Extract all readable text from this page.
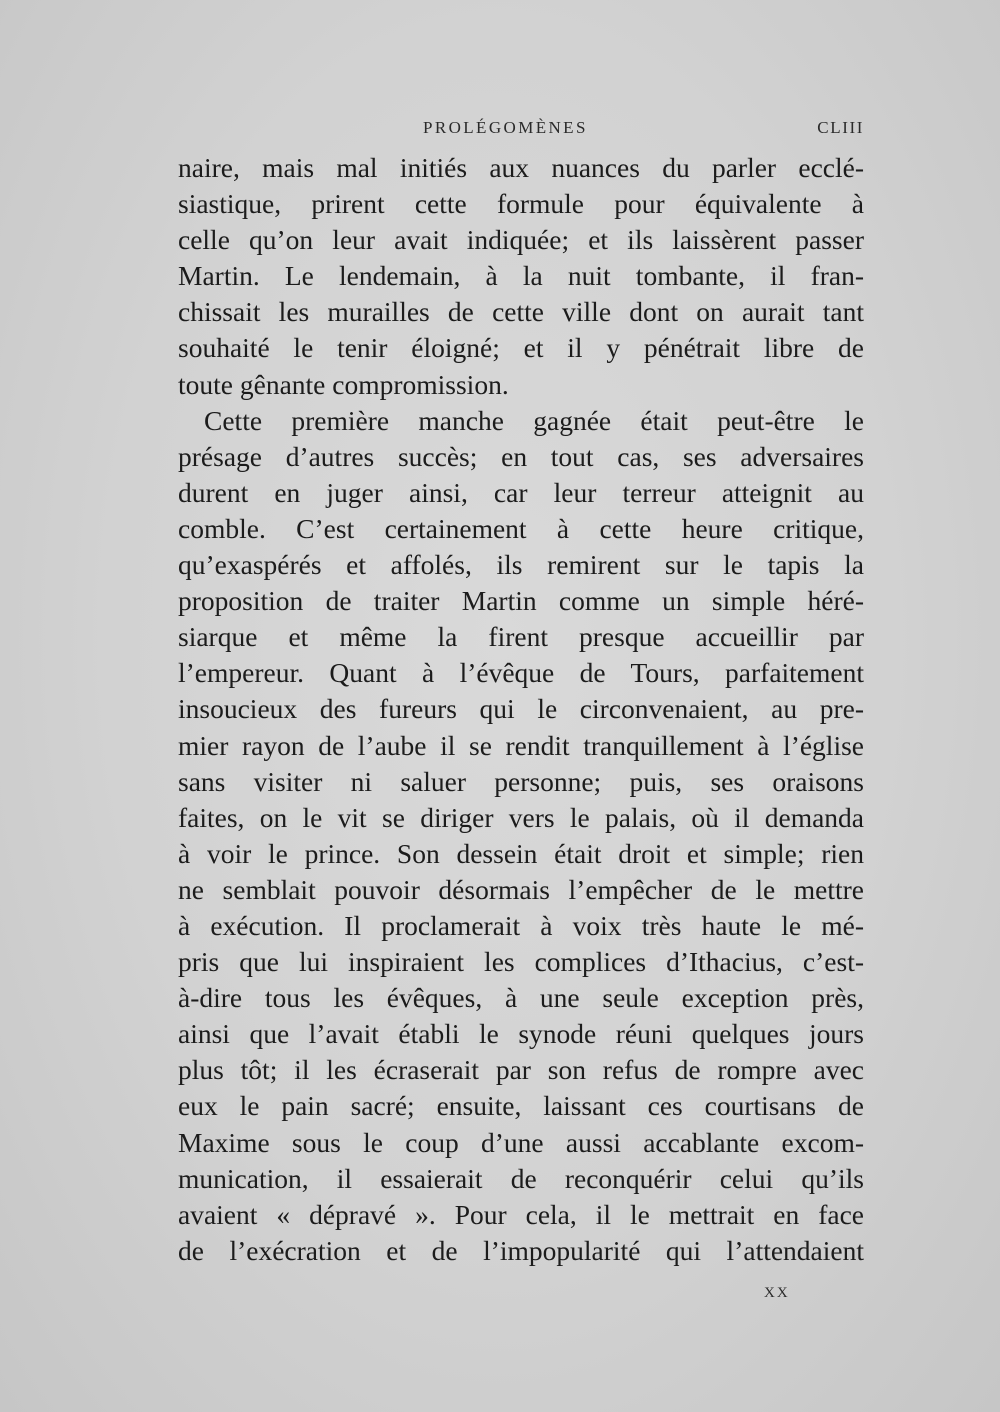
PROLÉGOMÈNES	CLIII
naire, mais mal initiés aux nuances du parler ecclé-
siastique, prirent cette formule pour équivalente à
celle qu’on leur avait indiquée; et ils laissèrent passer
Martin. Le lendemain, à la nuit tombante, il fran-
chissait les murailles de cette ville dont on aurait tant
souhaité le tenir éloigné; et il y pénétrait libre de
toute gênante compromission.
Cette première manche gagnée était peut-être le
présage d’autres succès; en tout cas, ses adversaires
durent en juger ainsi, car leur terreur atteignit au
comble. C’est certainement à cette heure critique,
qu’exaspérés et affolés, ils remirent sur le tapis la
proposition de traiter Martin comme un simple héré-
siarque et même la firent presque accueillir par
l’empereur. Quant à l’évêque de Tours, parfaitement
insoucieux des fureurs qui le circonvenaient, au pre-
mier rayon de l’aube il se rendit tranquillement à l’église
sans visiter ni saluer personne; puis, ses oraisons
faites, on le vit se diriger vers le palais, où il demanda
à voir le prince. Son dessein était droit et simple; rien
ne semblait pouvoir désormais l’empêcher de le mettre
à exécution. Il proclamerait à voix très haute le mé-
pris que lui inspiraient les complices d’Ithacius, c’est-
à-dire tous les évêques, à une seule exception près,
ainsi que l’avait établi le synode réuni quelques jours
plus tôt; il les écraserait par son refus de rompre avec
eux le pain sacré; ensuite, laissant ces courtisans de
Maxime sous le coup d’une aussi accablante excom-
munication, il essaierait de reconquérir celui qu’ils
avaient « dépravé ». Pour cela, il le mettrait en face
de l’exécration et de l’impopularité qui l’attendaient
XX
